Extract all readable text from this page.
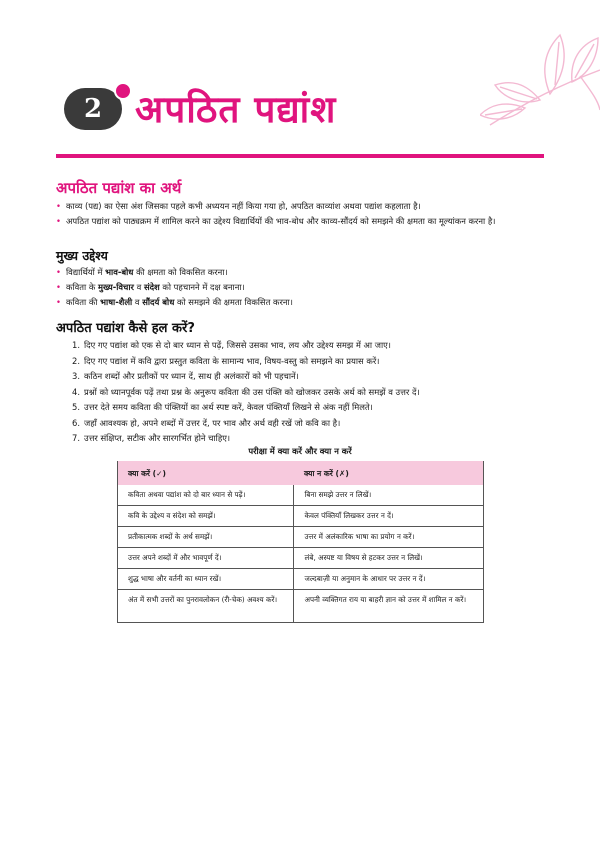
2 अपठित पद्यांश
अपठित पद्यांश का अर्थ
• काव्य (पद्य) का ऐसा अंश जिसका पहले कभी अध्ययन नहीं किया गया हो, अपठित काव्यांश अथवा पद्यांश कहलाता है।
• अपठित पद्यांश को पाठ्यक्रम में शामिल करने का उद्देश्य विद्यार्थियों की भाव-बोध और काव्य-सौंदर्य को समझने की क्षमता का मूल्यांकन करना है।
मुख्य उद्देश्य
• विद्यार्थियों में भाव-बोध की क्षमता को विकसित करना।
• कविता के मुख्य-विचार व संदेश को पहचानने में दक्ष बनाना।
• कविता की भाषा-शैली व सौंदर्य बोध को समझने की क्षमता विकसित करना।
अपठित पद्यांश कैसे हल करें?
1. दिए गए पद्यांश को एक से दो बार ध्यान से पढ़ें, जिससे उसका भाव, लय और उद्देश्य समझ में आ जाए।
2. दिए गए पद्यांश में कवि द्वारा प्रस्तुत कविता के सामान्य भाव, विषय-वस्तु को समझने का प्रयास करें।
3. कठिन शब्दों और प्रतीकों पर ध्यान दें, साथ ही अलंकारों को भी पहचानें।
4. प्रश्नों को ध्यानपूर्वक पढ़ें तथा प्रश्न के अनुरूप कविता की उस पंक्ति को खोजकर उसके अर्थ को समझें व उत्तर दें।
5. उत्तर देते समय कविता की पंक्तियों का अर्थ स्पष्ट करें, केवल पंक्तियाँ लिखने से अंक नहीं मिलते।
6. जहाँ आवश्यक हो, अपने शब्दों में उत्तर दें, पर भाव और अर्थ वही रखें जो कवि का है।
7. उत्तर संक्षिप्त, सटीक और सारगर्भित होने चाहिए।
परीक्षा में क्या करें और क्या न करें
क्या करें (✓)	क्या न करें (✗)
कविता अथवा पद्यांश को दो बार ध्यान से पढ़ें।	बिना समझे उत्तर न लिखें।
कवि के उद्देश्य व संदेश को समझें।	केवल पंक्तियाँ लिखकर उत्तर न दें।
प्रतीकात्मक शब्दों के अर्थ समझें।	उत्तर में अलंकारिक भाषा का प्रयोग न करें।
उत्तर अपने शब्दों में और भावपूर्ण दें।	लंबे, अस्पष्ट या विषय से हटकर उत्तर न लिखें।
शुद्ध भाषा और वर्तनी का ध्यान रखें।	जल्दबाज़ी या अनुमान के आधार पर उत्तर न दें।
अंत में सभी उत्तरों का पुनरावलोकन (री-चेक) अवश्य करें।	अपनी व्यक्तिगत राय या बाहरी ज्ञान को उत्तर में शामिल न करें।
